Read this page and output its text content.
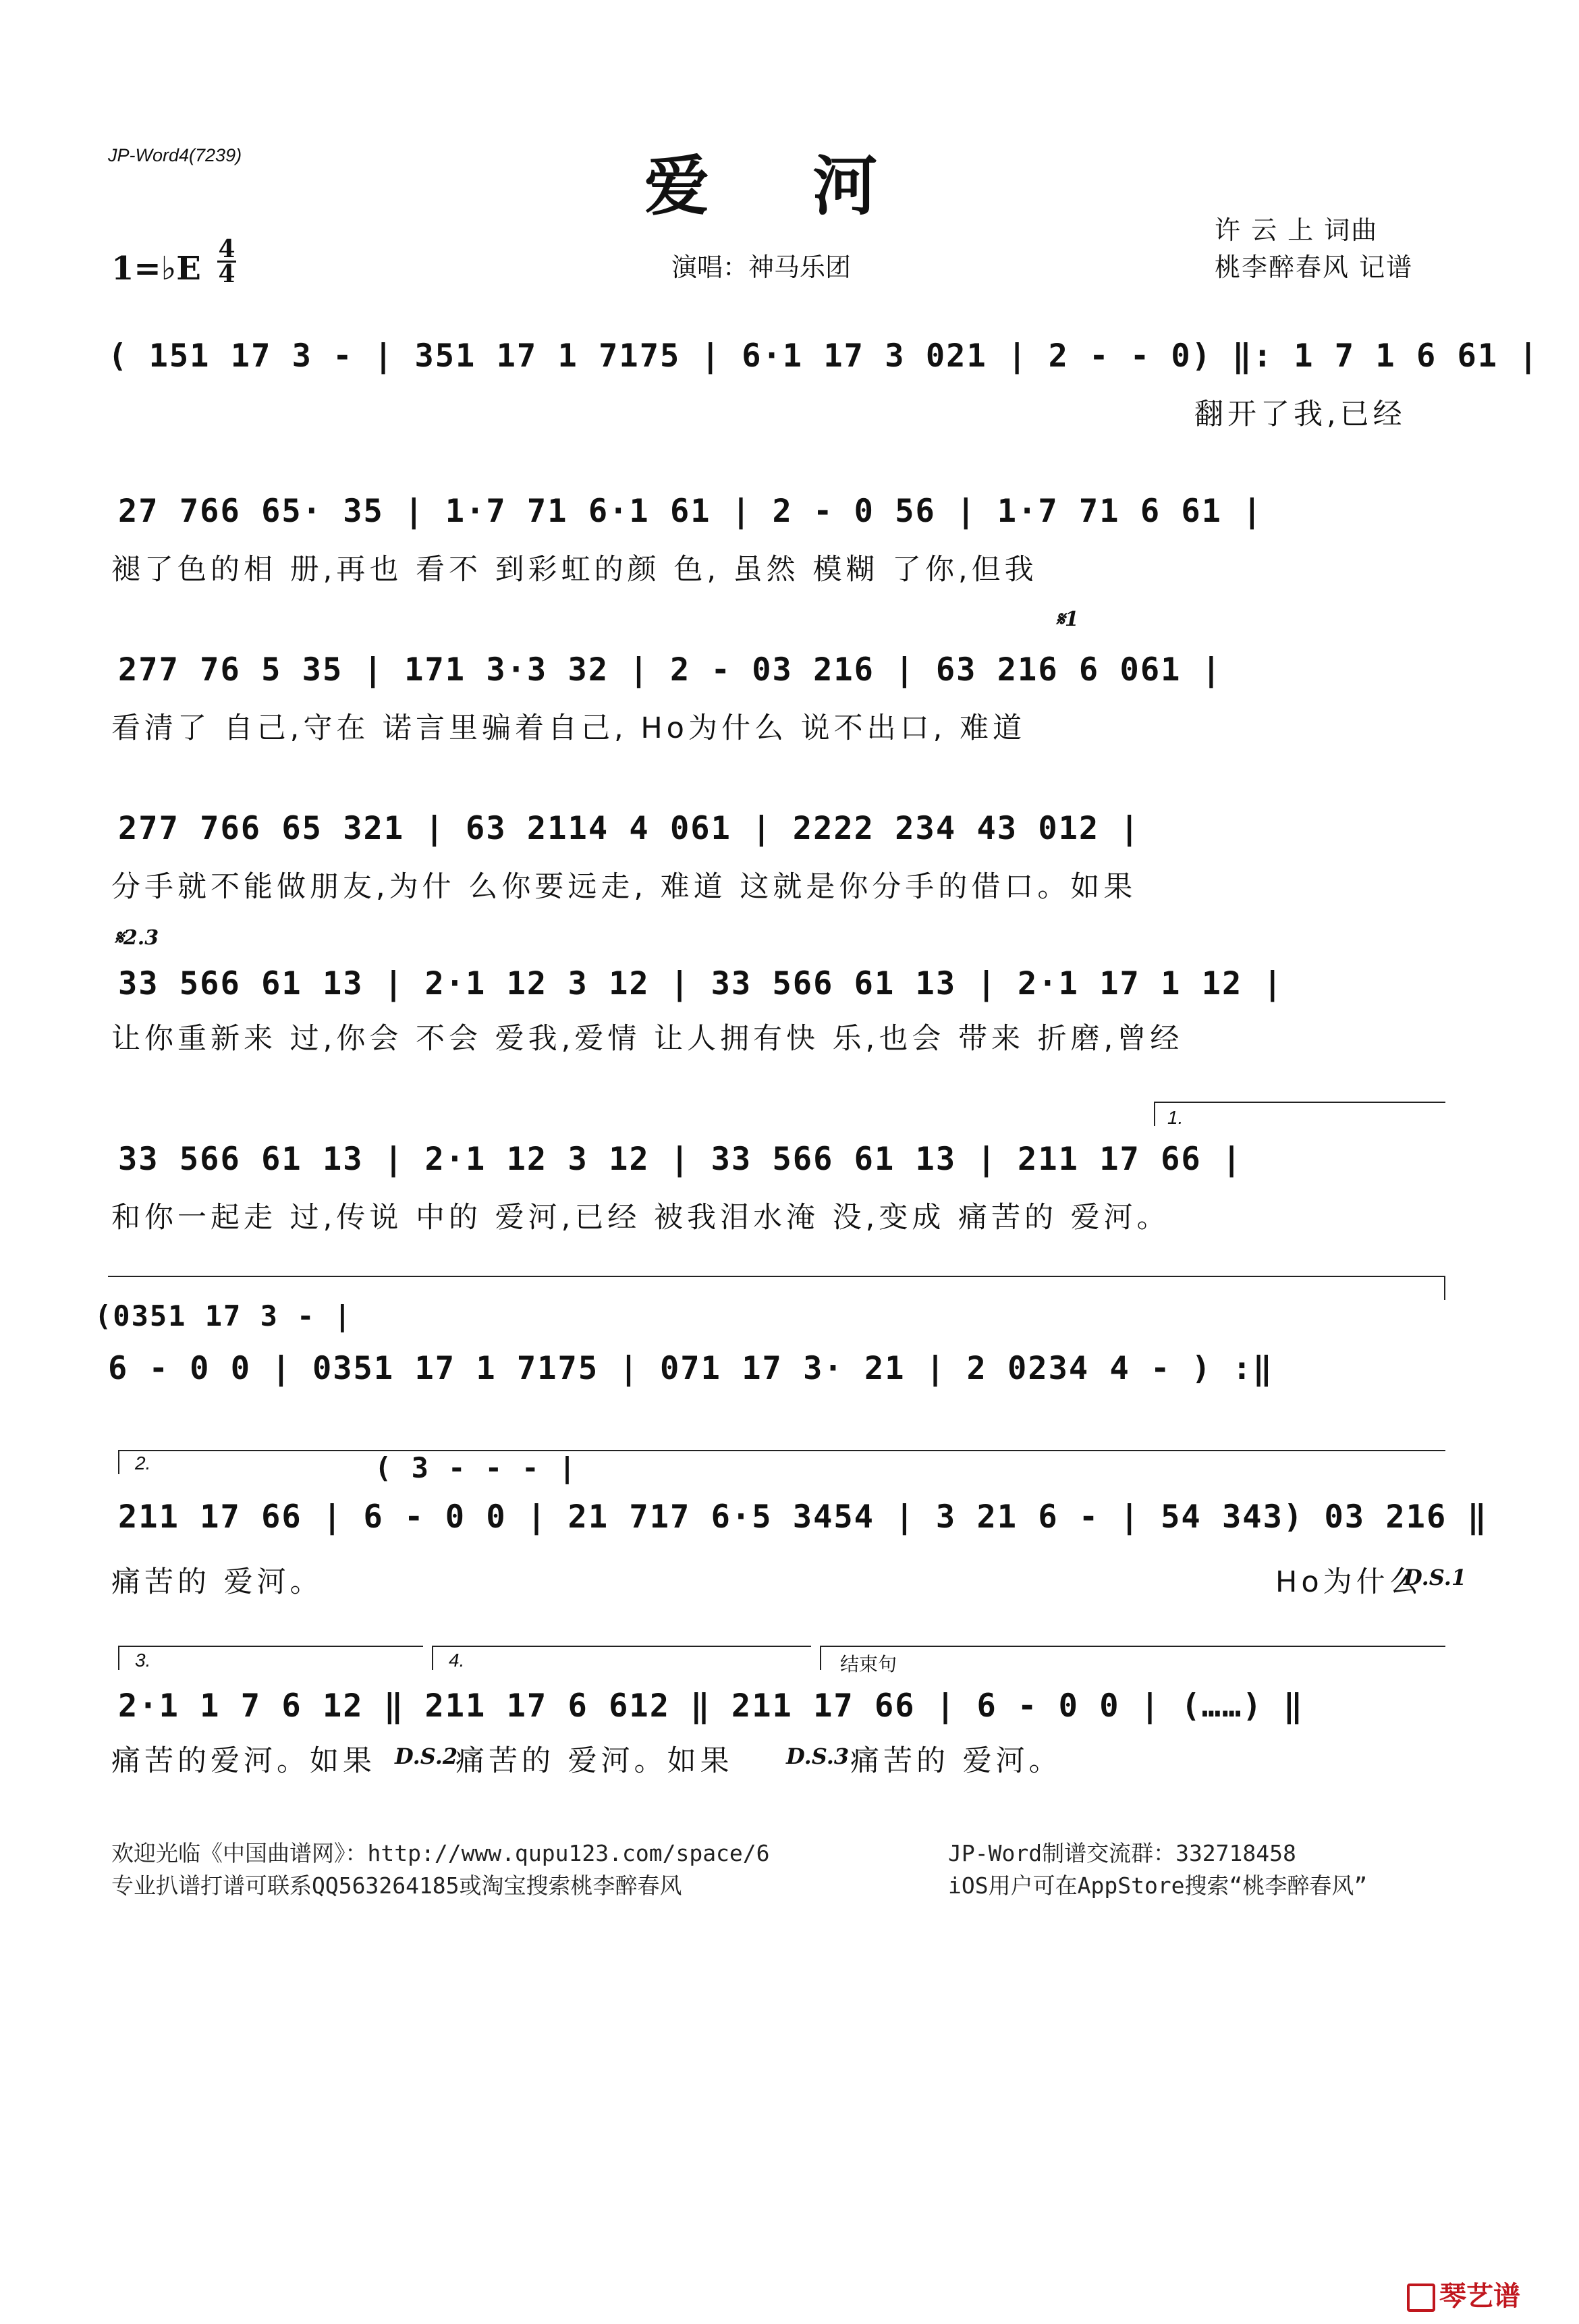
JP-Word4(7239)	爱 河
演唱：神马乐团
许 云 上 词曲
桃李醉春风 记谱
1=♭E
4
4
( 151 17 3 - | 351 17 1 7175 | 6·1 17 3 021 | 2 - - 0) ‖: 1 7 1 6 61 |
翻开了我,已经
27 766 65· 35 | 1·7 71 6·1 61 | 2 - 0 56 | 1·7 71 6 61 |
褪了色的相 册,再也 看不 到彩虹的颜 色, 虽然 模糊 了你,但我
𝄋1
277 76 5 35 | 171 3·3 32 | 2 - 03 216 | 63 216 6 061 |
看清了 自己,守在 诺言里骗着自己, Ho为什么 说不出口, 难道
277 766 65 321 | 63 2114 4 061 | 2222 234 43 012 |
分手就不能做朋友,为什 么你要远走, 难道 这就是你分手的借口。如果
𝄋2.3
33 566 61 13 | 2·1 12 3 12 | 33 566 61 13 | 2·1 17 1 12 |
让你重新来 过,你会 不会 爱我,爱情 让人拥有快 乐,也会 带来 折磨,曾经
1.
33 566 61 13 | 2·1 12 3 12 | 33 566 61 13 | 211 17 66 |
和你一起走 过,传说 中的 爱河,已经 被我泪水淹 没,变成 痛苦的 爱河。
(0351 17 3 - |
6 - 0 0 | 0351 17 1 7175 | 071 17 3· 21 | 2 0234 4 - ) :‖
2.	( 3 - - - |
211 17 66 | 6 - 0 0 | 21 717 6·5 3454 | 3 21 6 - | 54 343) 03 216 ‖
痛苦的 爱河。	Ho为什么
D.S.1
3.	4.	结束句
2·1 1 7 6 12 ‖ 211 17 6 612 ‖ 211 17 66 | 6 - 0 0 | (……) ‖
痛苦的爱河。如果 D.S.2
痛苦的 爱河。如果 D.S.3 痛苦的 爱河。
欢迎光临《中国曲谱网》：http://www.qupu123.com/space/6	JP-Word制谱交流群：332718458
专业扒谱打谱可联系QQ563264185或淘宝搜索桃李醉春风	iOS用户可在AppStore搜索“桃李醉春风”
琴艺谱
